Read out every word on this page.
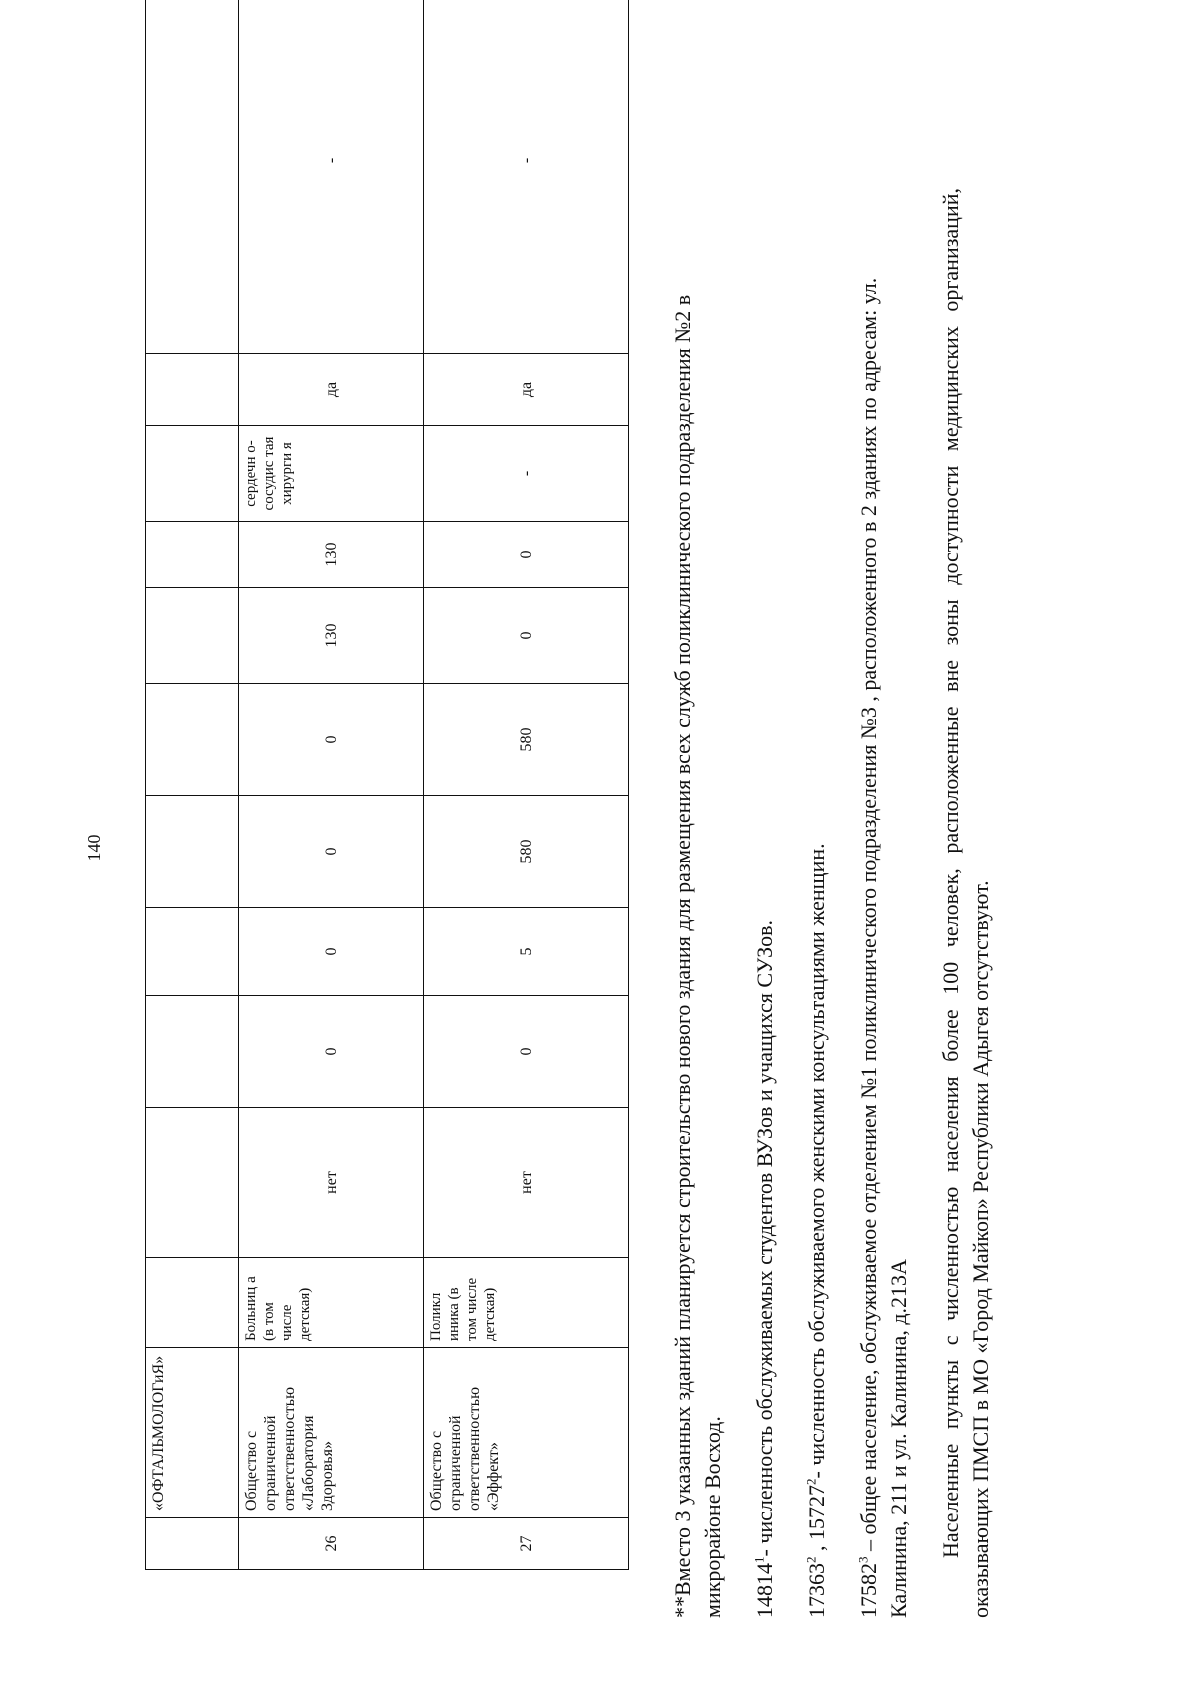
140
	«ОФТАЛЬМОЛОГиЯ»											
26	Общество с ограниченной ответственностью «Лаборатория Здоровья»	Больниц а (в том числе детская)	нет	0	0	0	0	130	130	сердечн о-сосудис тая хирурги я	да	-
27	Общество с ограниченной ответственностью «Эффект»	Поликл иника (в том числе детская)	нет	0	5	580	580	0	0	-	да	-

**Вместо 3 указанных зданий планируется строительство нового здания для размещения всех служб поликлинического подразделения №2 в микрорайоне Восход. 14814$^1$- численность обслуживаемых студентов ВУЗов и учащихся СУЗов.

17363$^2$ , 15727$^2$- численность обслуживаемого женскими консультациями женщин.

17582$^3$ – общее население, обслуживаемое отделением №1 поликлинического подразделения №3 , расположенного в 2 зданиях по адресам: ул. Калинина, 211 и ул. Калинина, д.213А Населенные пункты с численностью населения более 100 человек, расположенные вне зоны доступности медицинских организаций, оказывающих ПМСП в МО «Город Майкоп» Республики Адыгея отсутствуют.
